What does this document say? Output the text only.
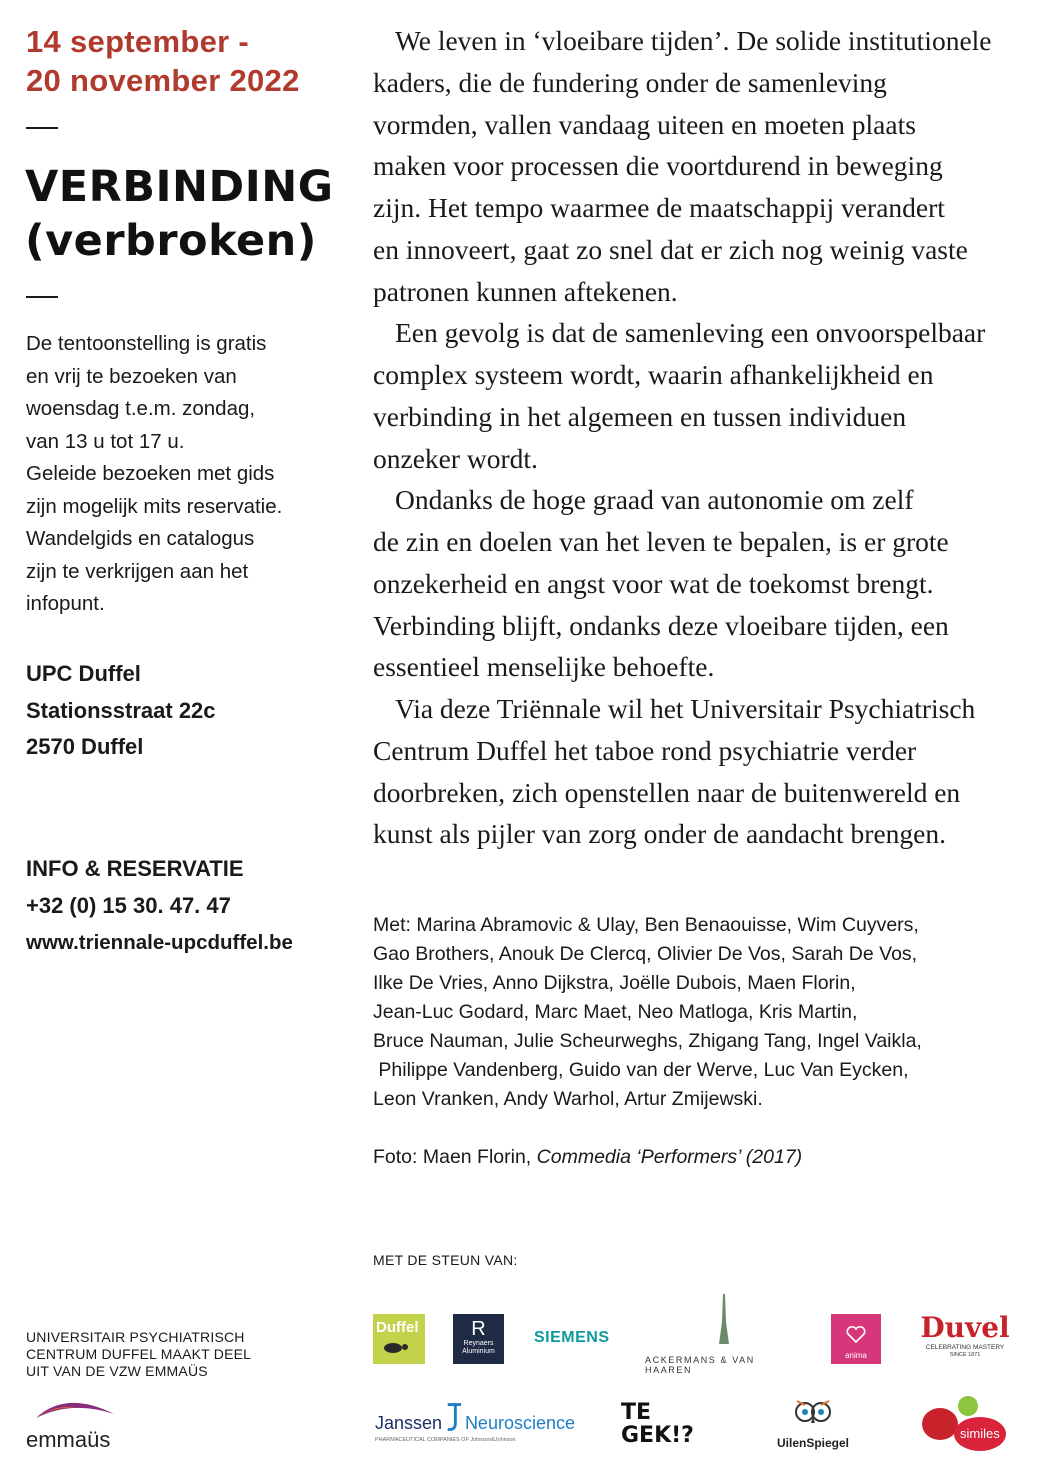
14 september -
20 november 2022
VERBINDING
(verbroken)
De tentoonstelling is gratis
en vrij te bezoeken van
woensdag t.e.m. zondag,
van 13 u tot 17 u.
Geleide bezoeken met gids
zijn mogelijk mits reservatie.
Wandelgids en catalogus
zijn te verkrijgen aan het
infopunt.
UPC Duffel
Stationsstraat 22c
2570 Duffel
INFO & RESERVATIE
+32 (0) 15 30. 47. 47
www.triennale-upcduffel.be
We leven in ‘vloeibare tijden’. De solide institutionele
kaders, die de fundering onder de samenleving
vormden, vallen vandaag uiteen en moeten plaats
maken voor processen die voortdurend in beweging
zijn. Het tempo waarmee de maatschappij verandert
en innoveert, gaat zo snel dat er zich nog weinig vaste
patronen kunnen aftekenen.
Een gevolg is dat de samenleving een onvoorspelbaar
complex systeem wordt, waarin afhankelijkheid en
verbinding in het algemeen en tussen individuen
onzeker wordt.
Ondanks de hoge graad van autonomie om zelf
de zin en doelen van het leven te bepalen, is er grote
onzekerheid en angst voor wat de toekomst brengt.
Verbinding blijft, ondanks deze vloeibare tijden, een
essentieel menselijke behoefte.
Via deze Triënnale wil het Universitair Psychiatrisch
Centrum Duffel het taboe rond psychiatrie verder
doorbreken, zich openstellen naar de buitenwereld en
kunst als pijler van zorg onder de aandacht brengen.
Met: Marina Abramovic & Ulay, Ben Benaouisse, Wim Cuyvers,
Gao Brothers, Anouk De Clercq, Olivier De Vos, Sarah De Vos,
Ilke De Vries, Anno Dijkstra, Joëlle Dubois, Maen Florin,
Jean-Luc Godard, Marc Maet, Neo Matloga, Kris Martin,
Bruce Nauman, Julie Scheurweghs, Zhigang Tang, Ingel Vaikla,
Philippe Vandenberg, Guido van der Werve, Luc Van Eycken,
Leon Vranken, Andy Warhol, Artur Zmijewski.
Foto: Maen Florin, Commedia ‘Performers’ (2017)
MET DE STEUN VAN:
UNIVERSITAIR PSYCHIATRISCH
CENTRUM DUFFEL MAAKT DEEL
UIT VAN DE VZW EMMAÜS
emmaüs
Duffel	R
Reynaers
Aluminium
SIEMENS
ACKERMANS & VAN HAAREN
anima
Duvel
CELEBRATING MASTERY
SINCE 1871
Janssen Neuroscience
PHARMACEUTICAL COMPANIES OF Johnson&Johnson
TE
GEK!?	UilenSpiegel
similes
